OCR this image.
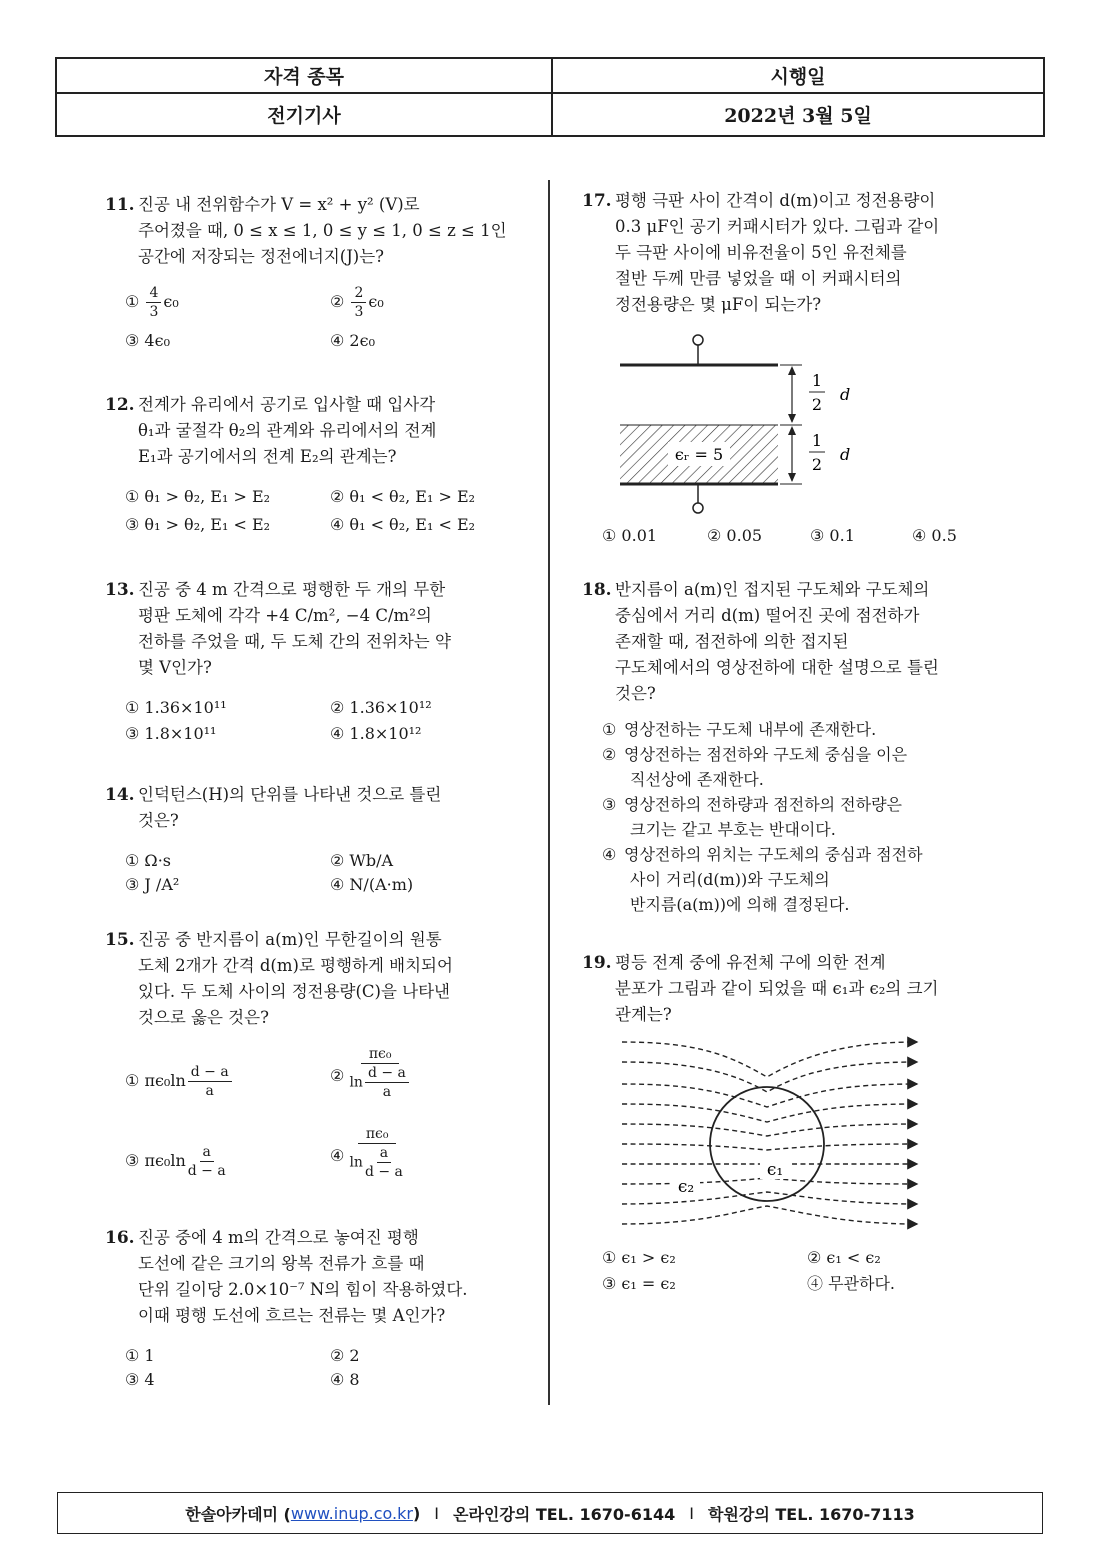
자격 종목	시행일
전기기사	2022년 3월 5일
11. 진공 내 전위함수가 V = x² + y² (V)로
주어졌을 때, 0 ≤ x ≤ 1, 0 ≤ y ≤ 1, 0 ≤ z ≤ 1인
공간에 저장되는 정전에너지(J)는?
① $\frac{4}{3} \epsilon_0$	② $\frac{2}{3} \epsilon_0$
③ 4ϵ₀	④ 2ϵ₀
12. 전계가 유리에서 공기로 입사할 때 입사각
θ₁과 굴절각 θ₂의 관계와 유리에서의 전계
E₁과 공기에서의 전계 E₂의 관계는?
① θ₁ > θ₂, E₁ > E₂	② θ₁ < θ₂, E₁ > E₂
③ θ₁ > θ₂, E₁ < E₂	④ θ₁ < θ₂, E₁ < E₂
13. 진공 중 4 m 간격으로 평행한 두 개의 무한
평판 도체에 각각 +4 C/m², −4 C/m²의
전하를 주었을 때, 두 도체 간의 전위차는 약
몇 V인가?
① 1.36×10¹¹	② 1.36×10¹²
③ 1.8×10¹¹	④ 1.8×10¹²
14. 인덕턴스(H)의 단위를 나타낸 것으로 틀린
것은?
① Ω·s	② Wb/A
③ J /A²	④ N/(A·m)
15. 진공 중 반지름이 a(m)인 무한길이의 원통
도체 2개가 간격 d(m)로 평행하게 배치되어
있다. 두 도체 사이의 정전용량(C)을 나타낸
것으로 옳은 것은?
① $\pi\epsilon_0\ln \frac{d - a}{a}$	② $\frac{\text{πϵ₀}}{\ln \frac{d - a}{a}}$
③ $\pi\epsilon_0\ln \frac{a}{d - a}$	④ $\frac{\text{πϵ₀}}{\ln \frac{a}{d - a}}$
16. 진공 중에 4 m의 간격으로 놓여진 평행
도선에 같은 크기의 왕복 전류가 흐를 때
단위 길이당 2.0×10⁻⁷ N의 힘이 작용하였다.
이때 평행 도선에 흐르는 전류는 몇 A인가?
① 1	② 2
③ 4	④ 8
17. 평행 극판 사이 간격이 d(m)이고 정전용량이
0.3 μF인 공기 커패시터가 있다. 그림과 같이
두 극판 사이에 비유전율이 5인 유전체를
절반 두께 만큼 넣었을 때 이 커패시터의
정전용량은 몇 μF이 되는가?
ϵᵣ = 5
1
2
d
1
2
d
① 0.01	② 0.05	③ 0.1	④ 0.5
18. 반지름이 a(m)인 접지된 구도체와 구도체의
중심에서 거리 d(m) 떨어진 곳에 점전하가
존재할 때, 점전하에 의한 접지된
구도체에서의 영상전하에 대한 설명으로 틀린
것은?
① 영상전하는 구도체 내부에 존재한다.
② 영상전하는 점전하와 구도체 중심을 이은
직선상에 존재한다.
③ 영상전하의 전하량과 점전하의 전하량은
크기는 같고 부호는 반대이다.
④ 영상전하의 위치는 구도체의 중심과 점전하
사이 거리(d(m))와 구도체의
반지름(a(m))에 의해 결정된다.
19. 평등 전계 중에 유전체 구에 의한 전계
분포가 그림과 같이 되었을 때 ϵ₁과 ϵ₂의 크기
관계는?
ϵ₂
ϵ₁
① ϵ₁ > ϵ₂	② ϵ₁ < ϵ₂
③ ϵ₁ = ϵ₂	④ 무관하다.
한솔아카데미 ( www.inup.co.kr ) I 온라인강의 TEL. 1670-6144 I 학원강의 TEL. 1670-7113
